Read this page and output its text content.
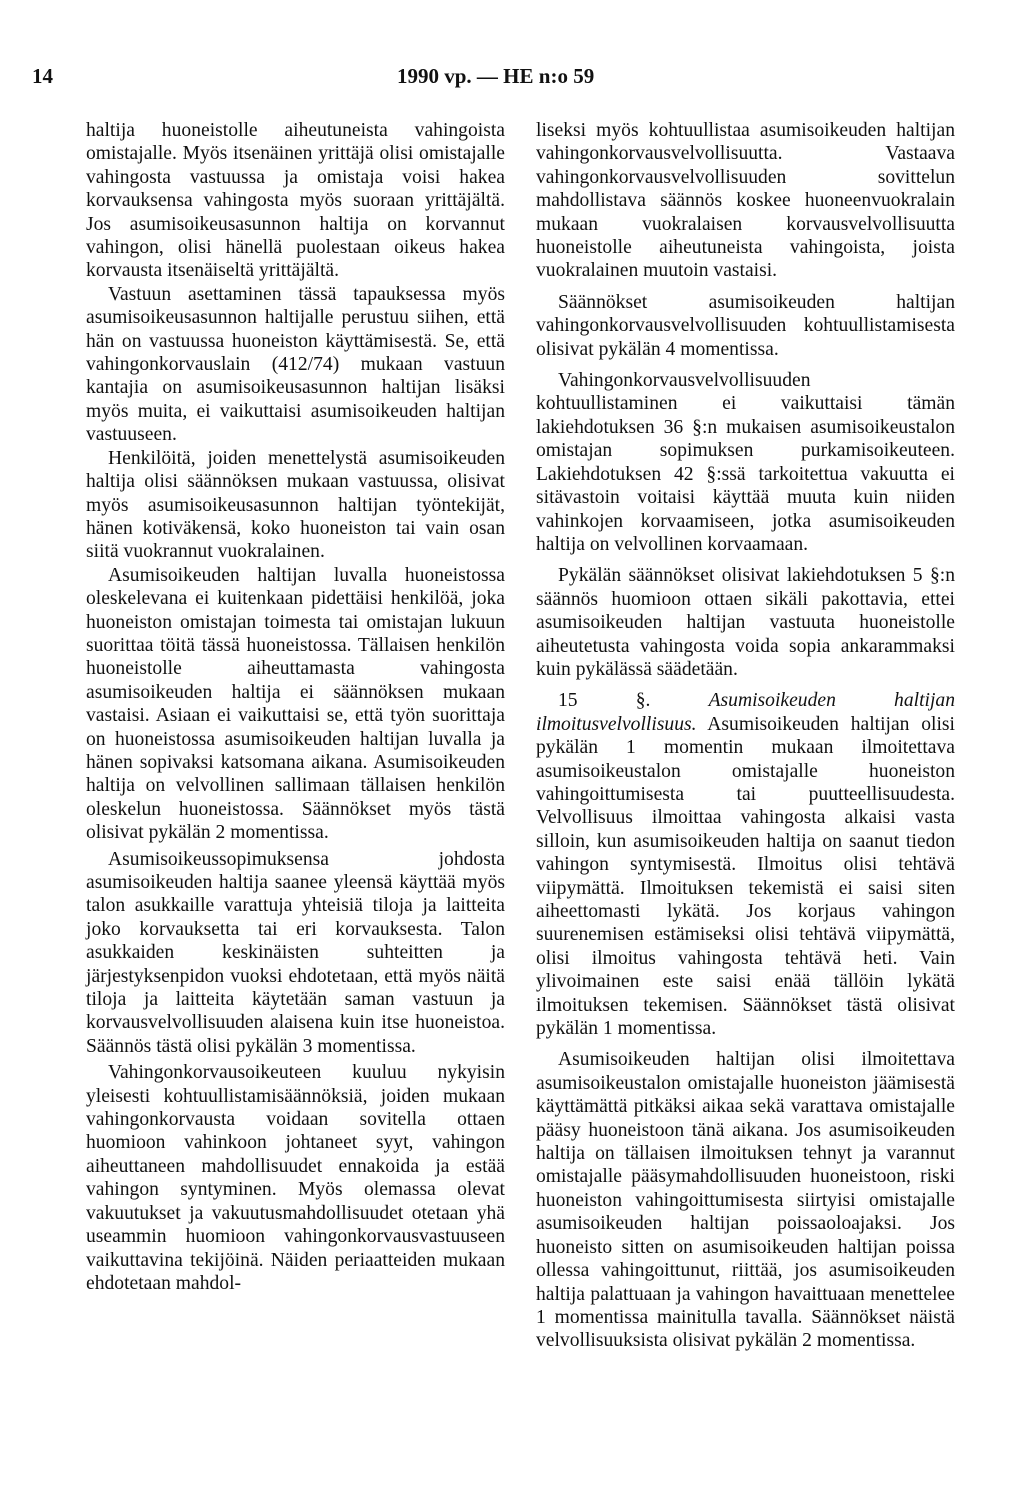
14	1990 vp. — HE n:o 59

haltija huoneistolle aiheutuneista vahingoista omistajalle. Myös itsenäinen yrittäjä olisi omistajalle vahingosta vastuussa ja omistaja voisi hakea korvauksensa vahingosta myös suoraan yrittäjältä. Jos asumisoikeusasunnon haltija on korvannut vahingon, olisi hänellä puolestaan oikeus hakea korvausta itsenäiseltä yrittäjältä.

Vastuun asettaminen tässä tapauksessa myös asumisoikeusasunnon haltijalle perustuu siihen, että hän on vastuussa huoneiston käyttämisestä. Se, että vahingonkorvauslain (412/74) mukaan vastuun kantajia on asumisoikeusasunnon haltijan lisäksi myös muita, ei vaikuttaisi asumisoikeuden haltijan vastuuseen.

Henkilöitä, joiden menettelystä asumisoikeuden haltija olisi säännöksen mukaan vastuussa, olisivat myös asumisoikeusasunnon haltijan työntekijät, hänen kotiväkensä, koko huoneiston tai vain osan siitä vuokrannut vuokralainen.

Asumisoikeuden haltijan luvalla huoneistossa oleskelevana ei kuitenkaan pidettäisi henkilöä, joka huoneiston omistajan toimesta tai omistajan lukuun suorittaa töitä tässä huoneistossa. Tällaisen henkilön huoneistolle aiheuttamasta vahingosta asumisoikeuden haltija ei säännöksen mukaan vastaisi. Asiaan ei vaikuttaisi se, että työn suorittaja on huoneistossa asumisoikeuden haltijan luvalla ja hänen sopivaksi katsomana aikana. Asumisoikeuden haltija on velvollinen sallimaan tällaisen henkilön oleskelun huoneistossa. Säännökset myös tästä olisivat pykälän 2 momentissa.

Asumisoikeussopimuksensa johdosta asumisoikeuden haltija saanee yleensä käyttää myös talon asukkaille varattuja yhteisiä tiloja ja laitteita joko korvauksetta tai eri korvauksesta. Talon asukkaiden keskinäisten suhteitten ja järjestyksenpidon vuoksi ehdotetaan, että myös näitä tiloja ja laitteita käytetään saman vastuun ja korvausvelvollisuuden alaisena kuin itse huoneistoa. Säännös tästä olisi pykälän 3 momentissa.

Vahingonkorvausoikeuteen kuuluu nykyisin yleisesti kohtuullistamisäännöksiä, joiden mukaan vahingonkorvausta voidaan sovitella ottaen huomioon vahinkoon johtaneet syyt, vahingon aiheuttaneen mahdollisuudet ennakoida ja estää vahingon syntyminen. Myös olemassa olevat vakuutukset ja vakuutusmahdollisuudet otetaan yhä useammin huomioon vahingonkorvausvastuuseen vaikuttavina tekijöinä. Näiden periaatteiden mukaan ehdotetaan mahdol-

liseksi myös kohtuullistaa asumisoikeuden haltijan vahingonkorvausvelvollisuutta. Vastaava vahingonkorvausvelvollisuuden sovittelun mahdollistava säännös koskee huoneenvuokralain mukaan vuokralaisen korvausvelvollisuutta huoneistolle aiheutuneista vahingoista, joista vuokralainen muutoin vastaisi.

Säännökset asumisoikeuden haltijan vahingonkorvausvelvollisuuden kohtuullistamisesta olisivat pykälän 4 momentissa.

Vahingonkorvausvelvollisuuden kohtuullistaminen ei vaikuttaisi tämän lakiehdotuksen 36 §:n mukaisen asumisoikeustalon omistajan sopimuksen purkamisoikeuteen. Lakiehdotuksen 42 §:ssä tarkoitettua vakuutta ei sitävastoin voitaisi käyttää muuta kuin niiden vahinkojen korvaamiseen, jotka asumisoikeuden haltija on velvollinen korvaamaan.

Pykälän säännökset olisivat lakiehdotuksen 5 §:n säännös huomioon ottaen sikäli pakottavia, ettei asumisoikeuden haltijan vastuuta huoneistolle aiheutetusta vahingosta voida sopia ankarammaksi kuin pykälässä säädetään.

15 §.	Asumisoikeuden haltijan ilmoitusvelvollisuus. Asumisoikeuden haltijan olisi pykälän 1 momentin mukaan ilmoitettava asumisoikeustalon omistajalle huoneiston vahingoittumisesta tai puutteellisuudesta. Velvollisuus ilmoittaa vahingosta alkaisi vasta silloin, kun asumisoikeuden haltija on saanut tiedon vahingon syntymisestä. Ilmoitus olisi tehtävä viipymättä. Ilmoituksen tekemistä ei saisi siten aiheettomasti lykätä. Jos korjaus vahingon suurenemisen estämiseksi olisi tehtävä viipymättä, olisi ilmoitus vahingosta tehtävä heti. Vain ylivoimainen este saisi enää tällöin lykätä ilmoituksen tekemisen. Säännökset tästä olisivat pykälän 1 momentissa.

Asumisoikeuden haltijan olisi ilmoitettava asumisoikeustalon omistajalle huoneiston jäämisestä käyttämättä pitkäksi aikaa sekä varattava omistajalle pääsy huoneistoon tänä aikana. Jos asumisoikeuden haltija on tällaisen ilmoituksen tehnyt ja varannut omistajalle pääsymahdollisuuden huoneistoon, riski huoneiston vahingoittumisesta siirtyisi omistajalle asumisoikeuden haltijan poissaoloajaksi. Jos huoneisto sitten on asumisoikeuden haltijan poissa ollessa vahingoittunut, riittää, jos asumisoikeuden haltija palattuaan ja vahingon havaittuaan menettelee 1 momentissa mainitulla tavalla. Säännökset näistä velvollisuuksista olisivat pykälän 2 momentissa.
